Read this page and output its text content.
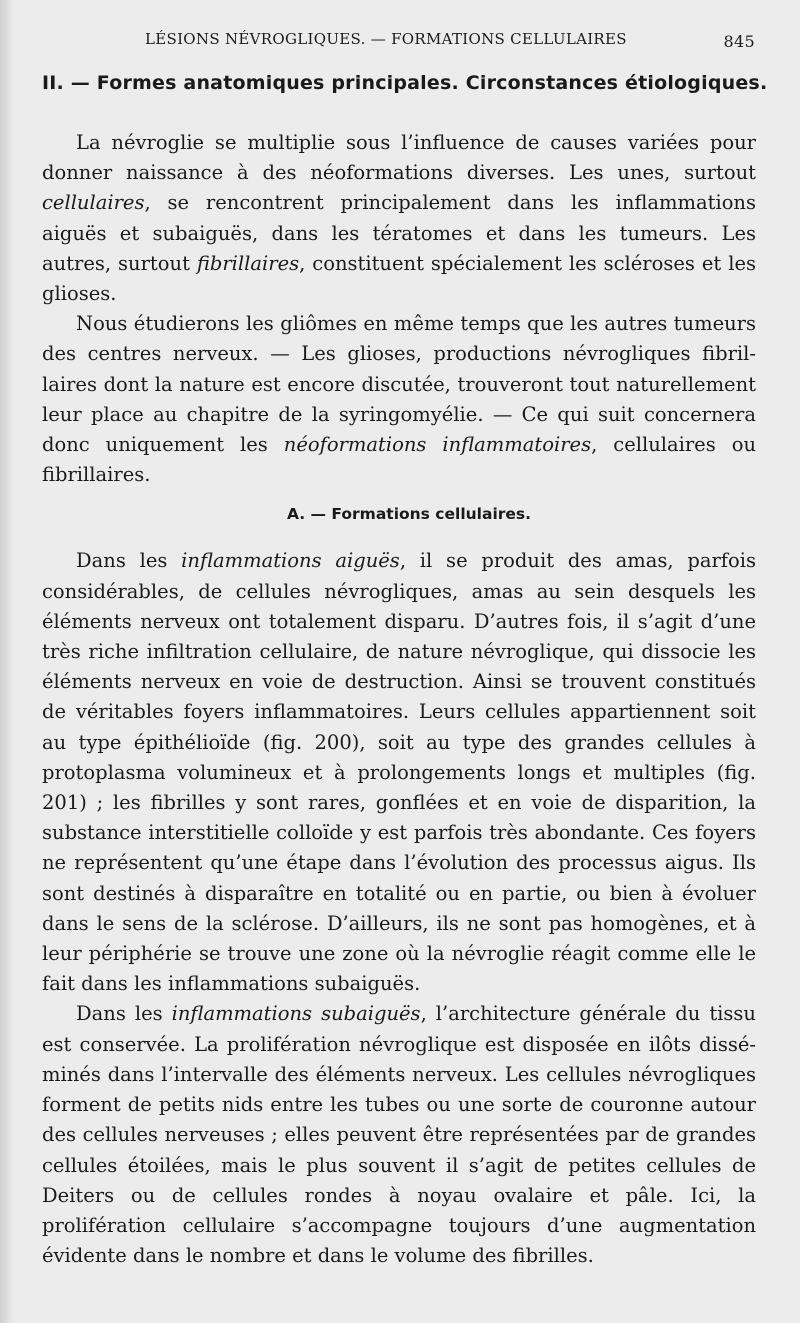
LÉSIONS NÉVROGLIQUES. — FORMATIONS CELLULAIRES	845
II. — Formes anatomiques principales. Circonstances étiologiques.

La névroglie se multiplie sous l’influence de causes variées pour donner naissance à des néoformations diverses. Les unes, surtout cellulaires, se rencontrent principalement dans les inflammations aiguës et subaiguës, dans les tératomes et dans les tumeurs. Les autres, surtout fibrillaires, constituent spécialement les scléroses et les glioses.

Nous étudierons les gliômes en même temps que les autres tumeurs des centres nerveux. — Les glioses, productions névrogliques fibrillaires dont la nature est encore discutée, trouveront tout naturellement leur place au chapitre de la syringomyélie. — Ce qui suit concernera donc uniquement les néoformations inflammatoires, cellulaires ou fibrillaires.

A. — Formations cellulaires.

Dans les inflammations aiguës, il se produit des amas, parfois considérables, de cellules névrogliques, amas au sein desquels les éléments nerveux ont totalement disparu. D’autres fois, il s’agit d’une très riche infiltration cellulaire, de nature névroglique, qui dissocie les éléments nerveux en voie de destruction. Ainsi se trouvent constitués de véritables foyers inflammatoires. Leurs cellules appartiennent soit au type épithélioïde (fig. 200), soit au type des grandes cellules à protoplasma volumineux et à prolongements longs et multiples (fig. 201) ; les fibrilles y sont rares, gonflées et en voie de disparition, la substance interstitielle colloïde y est parfois très abondante. Ces foyers ne représentent qu’une étape dans l’évolution des processus aigus. Ils sont destinés à disparaître en totalité ou en partie, ou bien à évoluer dans le sens de la sclérose. D’ailleurs, ils ne sont pas homogènes, et à leur périphérie se trouve une zone où la névroglie réagit comme elle le fait dans les inflammations subaiguës.

Dans les inflammations subaiguës, l’architecture générale du tissu est conservée. La prolifération névroglique est disposée en ilôts disséminés dans l’intervalle des éléments nerveux. Les cellules névrogliques forment de petits nids entre les tubes ou une sorte de couronne autour des cellules nerveuses ; elles peuvent être représentées par de grandes cellules étoilées, mais le plus souvent il s’agit de petites cellules de Deiters ou de cellules rondes à noyau ovalaire et pâle. Ici, la prolifération cellulaire s’accompagne toujours d’une augmentation évidente dans le nombre et dans le volume des fibrilles.
